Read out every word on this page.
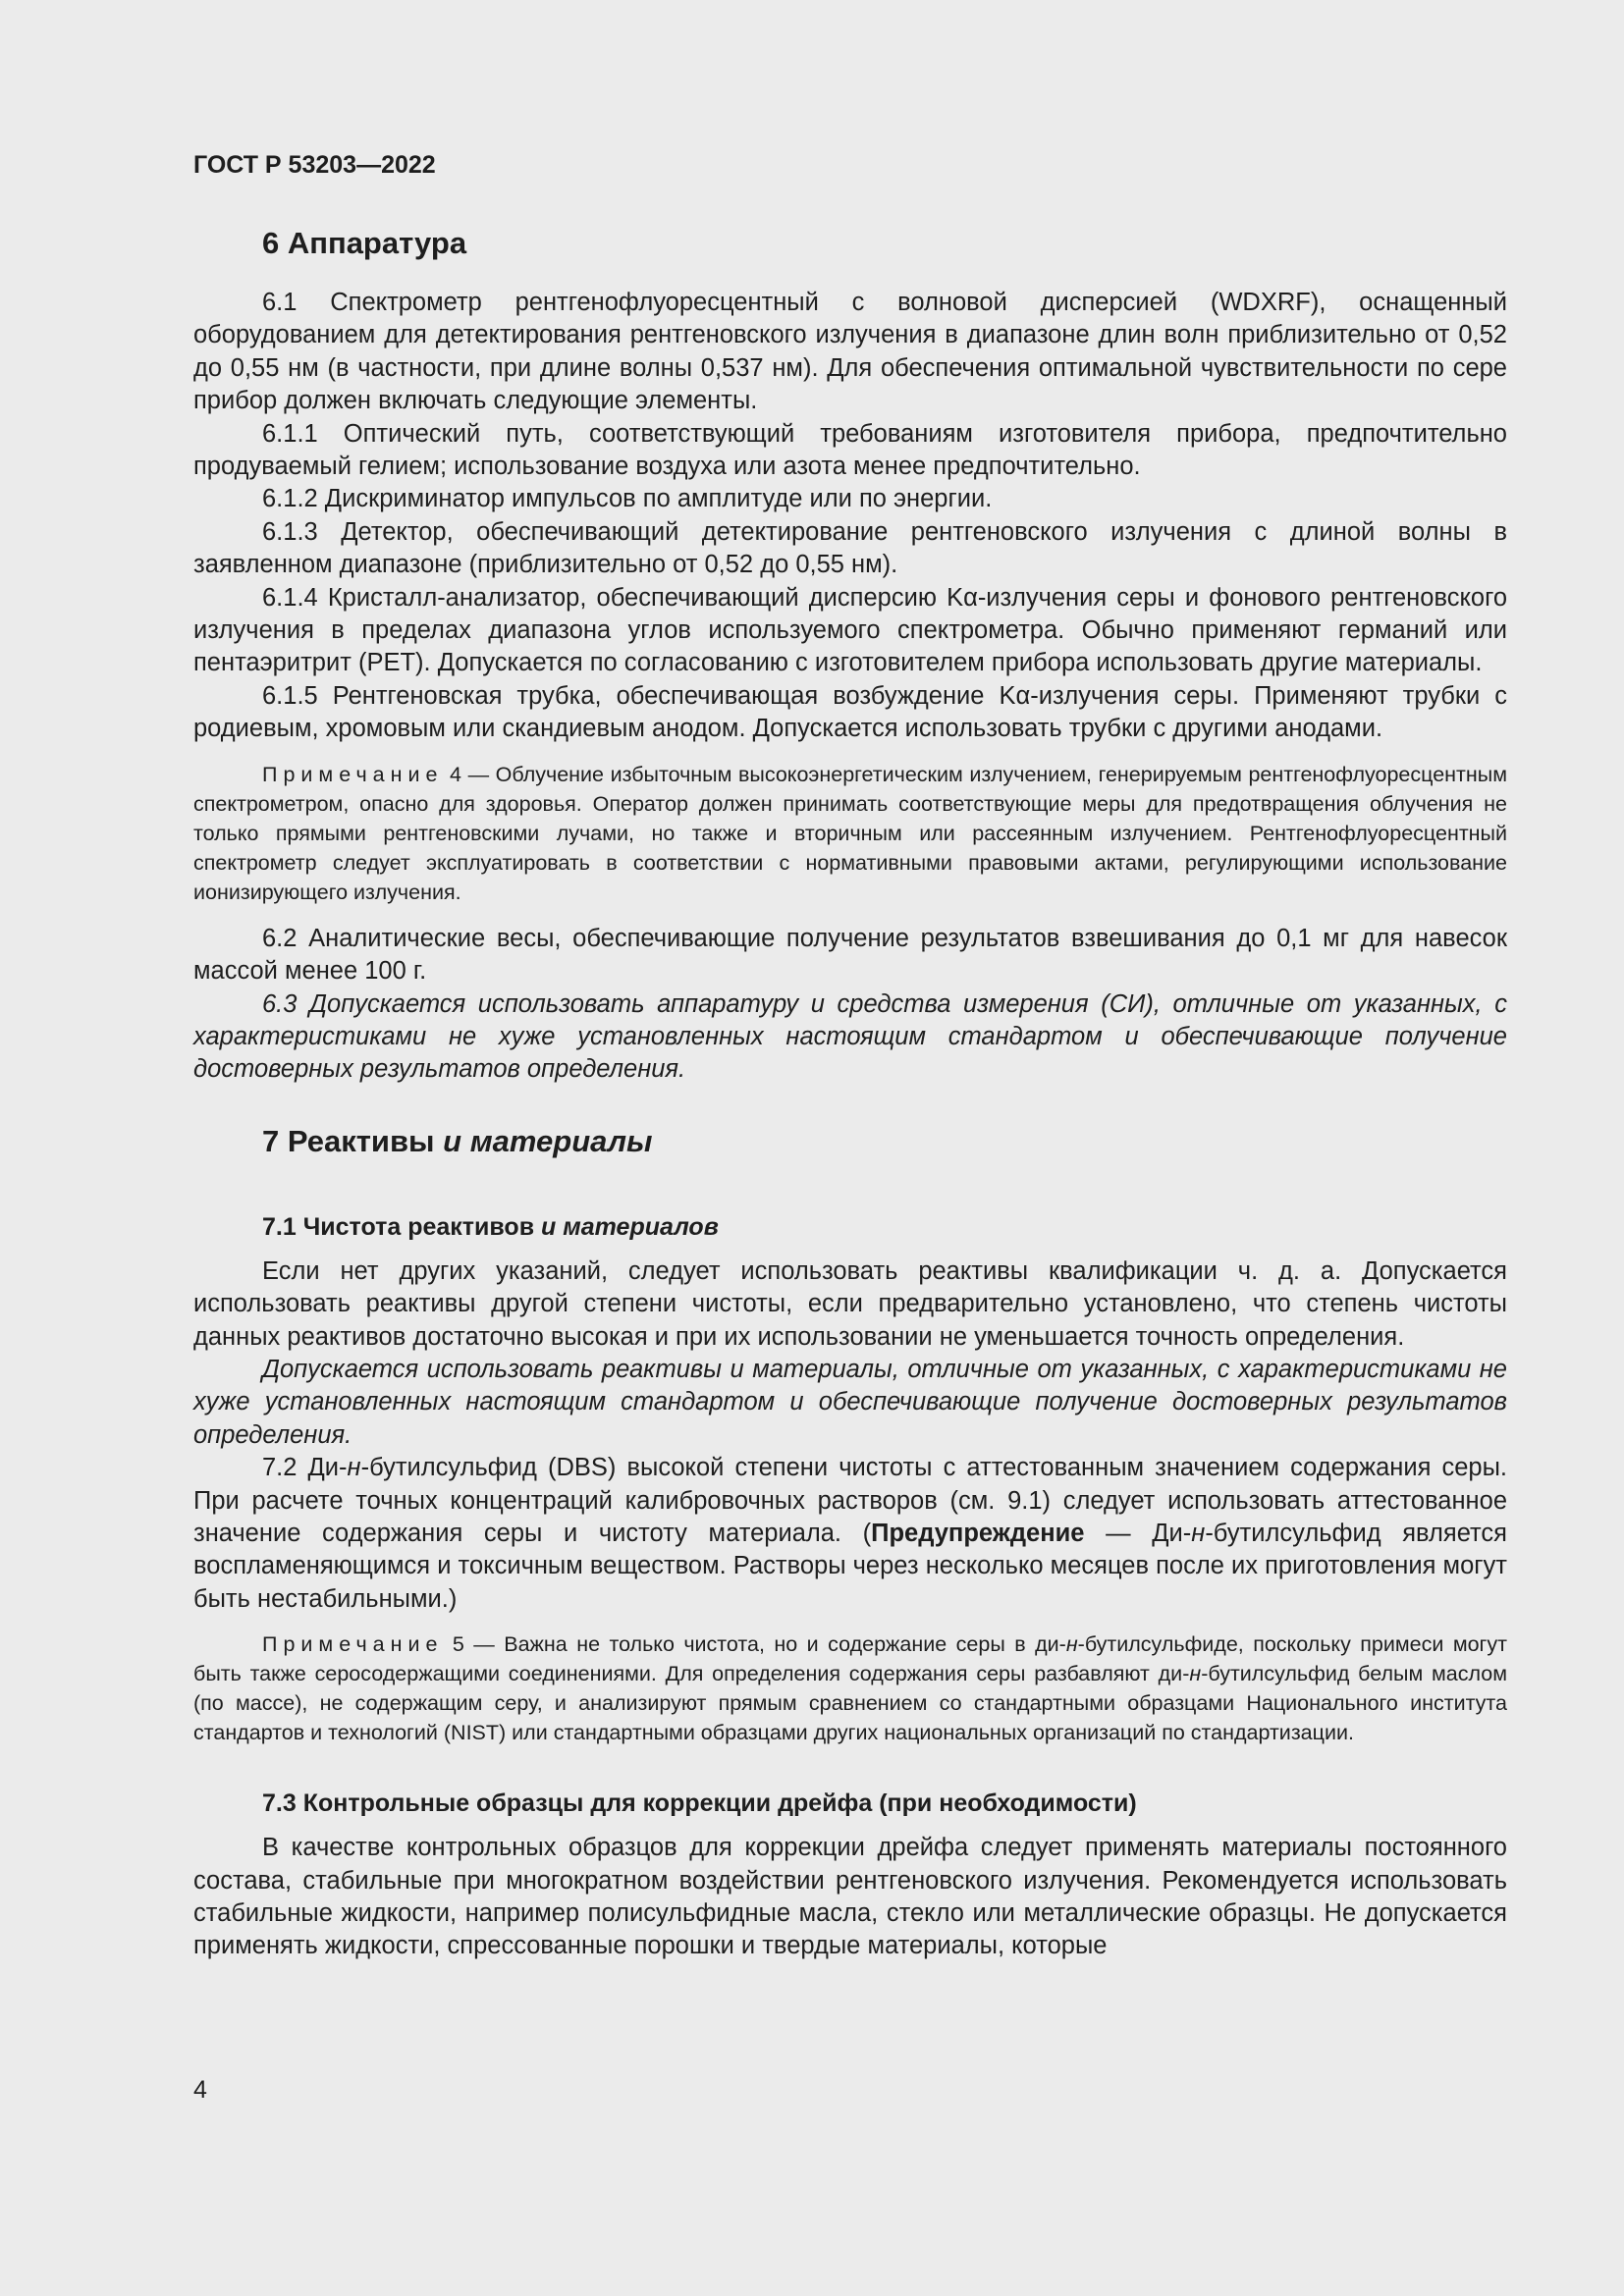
ГОСТ Р 53203—2022
6 Аппаратура

6.1 Спектрометр рентгенофлуоресцентный с волновой дисперсией (WDXRF), оснащенный оборудованием для детектирования рентгеновского излучения в диапазоне длин волн приблизительно от 0,52 до 0,55 нм (в частности, при длине волны 0,537 нм). Для обеспечения оптимальной чувствительности по сере прибор должен включать следующие элементы.

6.1.1 Оптический путь, соответствующий требованиям изготовителя прибора, предпочтительно продуваемый гелием; использование воздуха или азота менее предпочтительно.

6.1.2 Дискриминатор импульсов по амплитуде или по энергии.

6.1.3 Детектор, обеспечивающий детектирование рентгеновского излучения с длиной волны в заявленном диапазоне (приблизительно от 0,52 до 0,55 нм).

6.1.4 Кристалл-анализатор, обеспечивающий дисперсию Kα-излучения серы и фонового рентгеновского излучения в пределах диапазона углов используемого спектрометра. Обычно применяют германий или пентаэритрит (PET). Допускается по согласованию с изготовителем прибора использовать другие материалы.

6.1.5 Рентгеновская трубка, обеспечивающая возбуждение Kα-излучения серы. Применяют трубки с родиевым, хромовым или скандиевым анодом. Допускается использовать трубки с другими анодами.

Примечание 4 — Облучение избыточным высокоэнергетическим излучением, генерируемым рентгенофлуоресцентным спектрометром, опасно для здоровья. Оператор должен принимать соответствующие меры для предотвращения облучения не только прямыми рентгеновскими лучами, но также и вторичным или рассеянным излучением. Рентгенофлуоресцентный спектрометр следует эксплуатировать в соответствии с нормативными правовыми актами, регулирующими использование ионизирующего излучения.

6.2 Аналитические весы, обеспечивающие получение результатов взвешивания до 0,1 мг для навесок массой менее 100 г.

6.3 Допускается использовать аппаратуру и средства измерения (СИ), отличные от указанных, с характеристиками не хуже установленных настоящим стандартом и обеспечивающие получение достоверных результатов определения.

7 Реактивы и материалы
7.1 Чистота реактивов и материалов

Если нет других указаний, следует использовать реактивы квалификации ч. д. а. Допускается использовать реактивы другой степени чистоты, если предварительно установлено, что степень чистоты данных реактивов достаточно высокая и при их использовании не уменьшается точность определения.

Допускается использовать реактивы и материалы, отличные от указанных, с характеристиками не хуже установленных настоящим стандартом и обеспечивающие получение достоверных результатов определения.

7.2 Ди-н-бутилсульфид (DBS) высокой степени чистоты с аттестованным значением содержания серы. При расчете точных концентраций калибровочных растворов (см. 9.1) следует использовать аттестованное значение содержания серы и чистоту материала. (Предупреждение — Ди-н-бутилсульфид является воспламеняющимся и токсичным веществом. Растворы через несколько месяцев после их приготовления могут быть нестабильными.)

Примечание 5 — Важна не только чистота, но и содержание серы в ди-н-бутилсульфиде, поскольку примеси могут быть также серосодержащими соединениями. Для определения содержания серы разбавляют ди-н-бутилсульфид белым маслом (по массе), не содержащим серу, и анализируют прямым сравнением со стандартными образцами Национального института стандартов и технологий (NIST) или стандартными образцами других национальных организаций по стандартизации.

7.3 Контрольные образцы для коррекции дрейфа (при необходимости)

В качестве контрольных образцов для коррекции дрейфа следует применять материалы постоянного состава, стабильные при многократном воздействии рентгеновского излучения. Рекомендуется использовать стабильные жидкости, например полисульфидные масла, стекло или металлические образцы. Не допускается применять жидкости, спрессованные порошки и твердые материалы, которые

4
